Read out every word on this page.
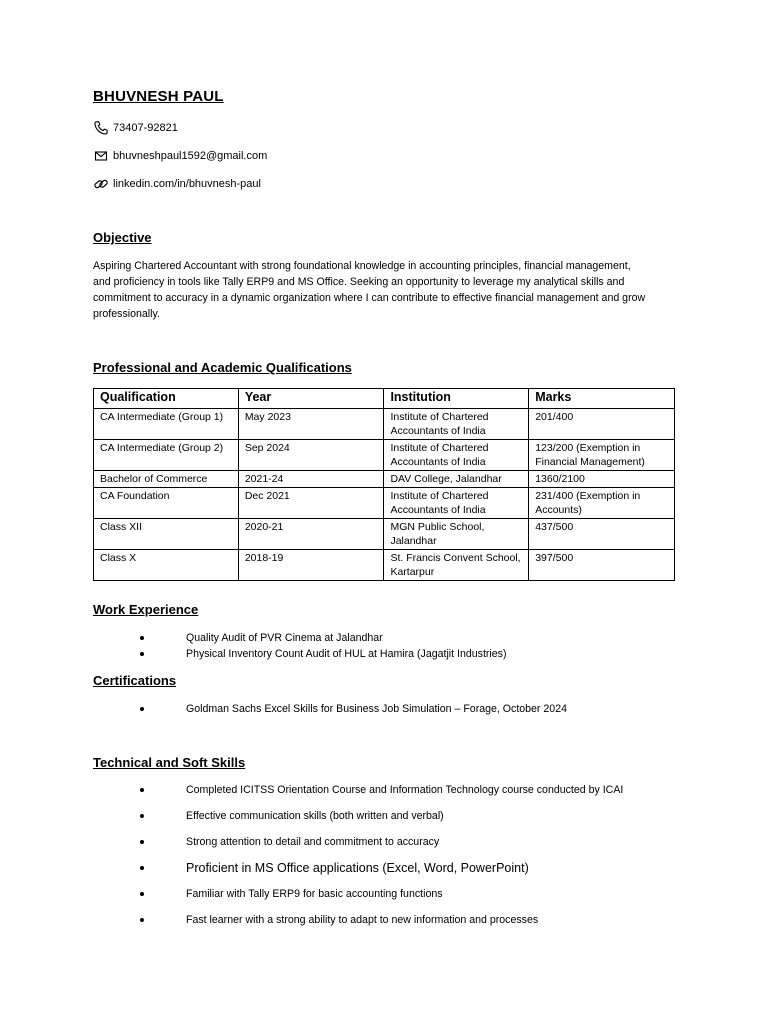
BHUVNESH PAUL
73407-92821
bhuvneshpaul1592@gmail.com
linkedin.com/in/bhuvnesh-paul
Objective

Aspiring Chartered Accountant with strong foundational knowledge in accounting principles, financial management, and proficiency in tools like Tally ERP9 and MS Office. Seeking an opportunity to leverage my analytical skills and commitment to accuracy in a dynamic organization where I can contribute to effective financial management and grow professionally.

Professional and Academic Qualifications
Qualification	Year	Institution	Marks
CA Intermediate (Group 1)	May 2023	Institute of Chartered Accountants of India	201/400
CA Intermediate (Group 2)	Sep 2024	Institute of Chartered Accountants of India	123/200 (Exemption in Financial Management)
Bachelor of Commerce	2021-24	DAV College, Jalandhar	1360/2100
CA Foundation	Dec 2021	Institute of Chartered Accountants of India	231/400 (Exemption in Accounts)
Class XII	2020-21	MGN Public School, Jalandhar	437/500
Class X	2018-19	St. Francis Convent School, Kartarpur	397/500
Work Experience
Quality Audit of PVR Cinema at Jalandhar
Physical Inventory Count Audit of HUL at Hamira (Jagatjit Industries)
Certifications
Goldman Sachs Excel Skills for Business Job Simulation – Forage, October 2024
Technical and Soft Skills
Completed ICITSS Orientation Course and Information Technology course conducted by ICAI
Effective communication skills (both written and verbal)
Strong attention to detail and commitment to accuracy
Proficient in MS Office applications (Excel, Word, PowerPoint)
Familiar with Tally ERP9 for basic accounting functions
Fast learner with a strong ability to adapt to new information and processes
